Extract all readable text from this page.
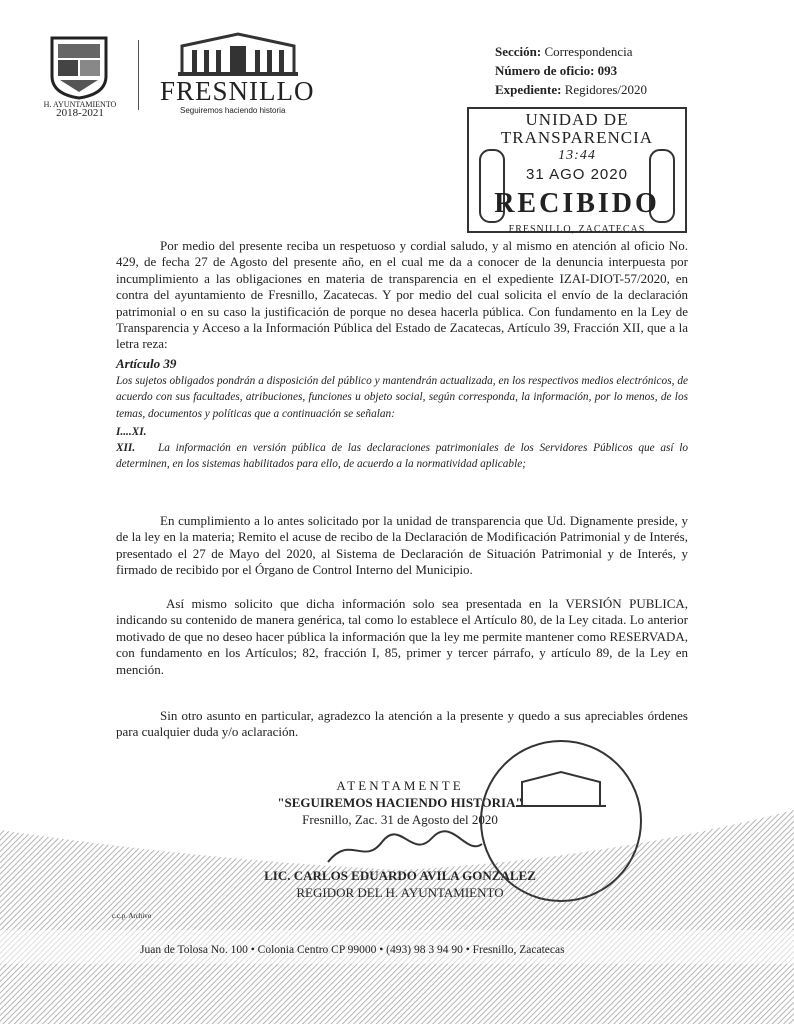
H. AYUNTAMIENTO
2018-2021
FRESNILLO
Seguiremos haciendo historia
Sección: Correspondencia
Número de oficio: 093
Expediente: Regidores/2020
UNIDAD DE
TRANSPARENCIA
13:44
31 AGO 2020
RECIBIDO
FRESNILLO, ZACATECAS
Por medio del presente reciba un respetuoso y cordial saludo, y al mismo en atención al oficio No. 429, de fecha 27 de Agosto del presente año, en el cual me da a conocer de la denuncia interpuesta por incumplimiento a las obligaciones en materia de transparencia en el expediente IZAI-DIOT-57/2020, en contra del ayuntamiento de Fresnillo, Zacatecas. Y por medio del cual solicita el envío de la declaración patrimonial o en su caso la justificación de porque no desea hacerla pública. Con fundamento en la Ley de Transparencia y Acceso a la Información Pública del Estado de Zacatecas, Artículo 39, Fracción XII, que a la letra reza:
Artículo 39
Los sujetos obligados pondrán a disposición del público y mantendrán actualizada, en los respectivos medios electrónicos, de acuerdo con sus facultades, atribuciones, funciones u objeto social, según corresponda, la información, por lo menos, de los temas, documentos y políticas que a continuación se señalan:
I....XI.
XII. La información en versión pública de las declaraciones patrimoniales de los Servidores Públicos que así lo determinen, en los sistemas habilitados para ello, de acuerdo a la normatividad aplicable;
En cumplimiento a lo antes solicitado por la unidad de transparencia que Ud. Dignamente preside, y de la ley en la materia; Remito el acuse de recibo de la Declaración de Modificación Patrimonial y de Interés, presentado el 27 de Mayo del 2020, al Sistema de Declaración de Situación Patrimonial y de Interés, y firmado de recibido por el Órgano de Control Interno del Municipio.
Así mismo solicito que dicha información solo sea presentada en la VERSIÓN PUBLICA, indicando su contenido de manera genérica, tal como lo establece el Artículo 80, de la Ley citada. Lo anterior motivado de que no deseo hacer pública la información que la ley me permite mantener como RESERVADA, con fundamento en los Artículos; 82, fracción I, 85, primer y tercer párrafo, y artículo 89, de la Ley en mención.
Sin otro asunto en particular, agradezco la atención a la presente y quedo a sus apreciables órdenes para cualquier duda y/o aclaración.
ATENTAMENTE
"SEGUIREMOS HACIENDO HISTORIA"
Fresnillo, Zac. 31 de Agosto del 2020
c.c.p. Archivo
Juan de Tolosa No. 100 • Colonia Centro CP 99000 • (493) 98 3 94 90 • Fresnillo, Zacatecas
